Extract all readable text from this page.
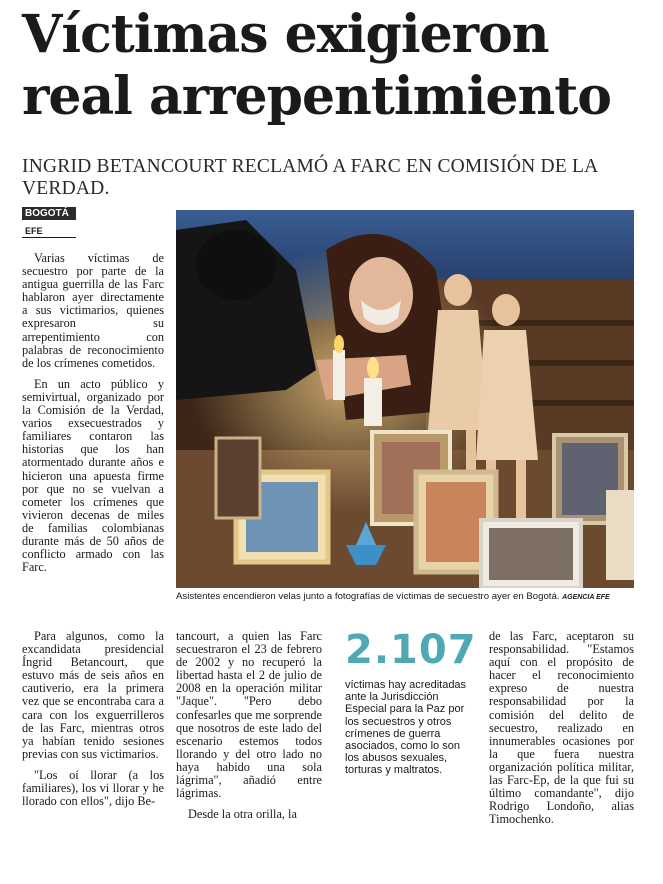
Víctimas exigieron
real arrepentimiento
INGRID BETANCOURT RECLAMÓ A FARC EN COMISIÓN DE LA VERDAD.
BOGOTÁ
EFE

Varias víctimas de secuestro por parte de la antigua guerrilla de las Farc hablaron ayer directamente a sus victimarios, quienes expresaron su arrepentimiento con palabras de reconocimiento de los crímenes cometidos.

En un acto público y semivirtual, organizado por la Comisión de la Verdad, varios exsecuestrados y familiares contaron las historias que los han atormentado durante años e hicieron una apuesta firme por que no se vuelvan a cometer los crímenes que vivieron decenas de miles de familias colombianas durante más de 50 años de conflicto armado con las Farc.

Asistentes encendieron velas junto a fotografías de víctimas de secuestro ayer en Bogotá. AGENCIA EFE

Para algunos, como la excandidata presidencial Íngrid Betancourt, que estuvo más de seis años en cautiverio, era la primera vez que se encontraba cara a cara con los exguerrilleros de las Farc, mientras otros ya habían tenido sesiones previas con sus victimarios.

"Los oí llorar (a los familiares), los vi llorar y he llorado con ellos", dijo Be-

tancourt, a quien las Farc secuestraron el 23 de febrero de 2002 y no recuperó la libertad hasta el 2 de julio de 2008 en la operación militar "Jaque". "Pero debo confesarles que me sorprende que nosotros de este lado del escenario estemos todos llorando y del otro lado no haya habido una sola lágrima", añadió entre lágrimas.

Desde la otra orilla, la

2.107
víctimas hay acreditadas ante la Jurisdicción Especial para la Paz por los secuestros y otros crímenes de guerra asociados, como lo son los abusos sexuales, torturas y maltratos.

de las Farc, aceptaron su responsabilidad. "Estamos aquí con el propósito de hacer el reconocimiento expreso de nuestra responsabilidad por la comisión del delito de secuestro, realizado en innumerables ocasiones por la que fuera nuestra organización política militar, las Farc-Ep, de la que fui su último comandante", dijo Rodrigo Londoño, alias Timochenko.
